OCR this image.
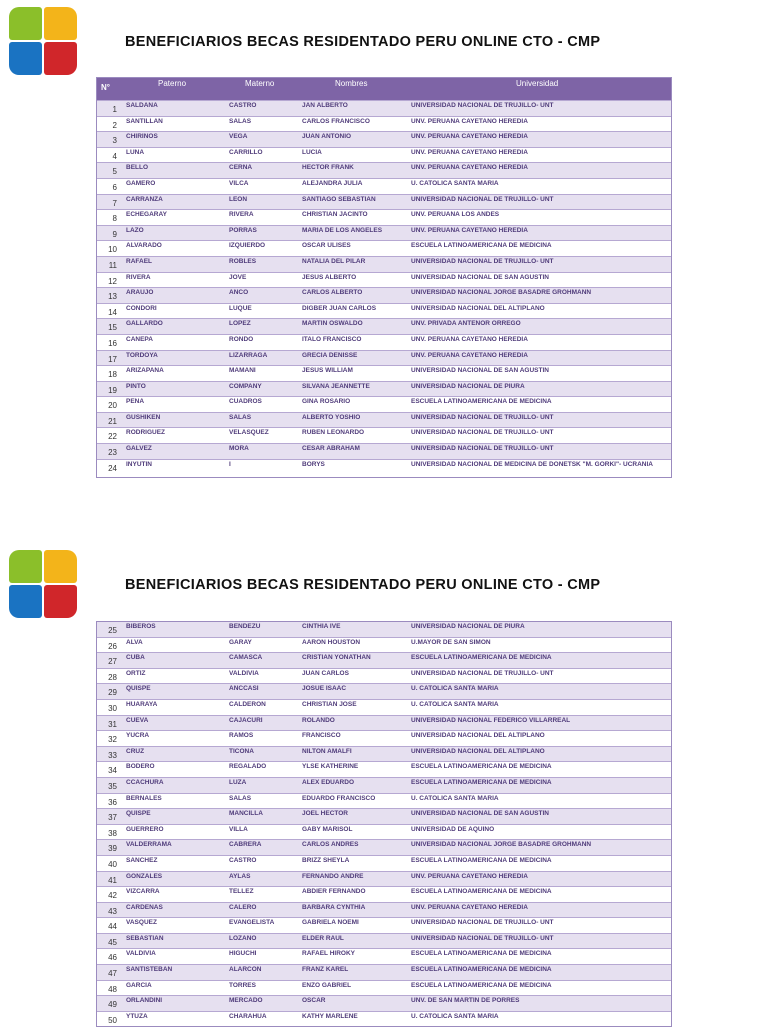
BENEFICIARIOS BECAS RESIDENTADO PERU ONLINE CTO - CMP
N°	Paterno	Materno	Nombres	Universidad
1 SALDANA	CASTRO	JAN ALBERTO	UNIVERSIDAD NACIONAL DE TRUJILLO- UNT
2 SANTILLAN	SALAS	CARLOS FRANCISCO	UNV. PERUANA CAYETANO HEREDIA
3 CHIRINOS	VEGA	JUAN ANTONIO	UNV. PERUANA CAYETANO HEREDIA
4 LUNA	CARRILLO	LUCIA	UNV. PERUANA CAYETANO HEREDIA
5 BELLO	CERNA	HECTOR FRANK	UNV. PERUANA CAYETANO HEREDIA
6 GAMERO	VILCA	ALEJANDRA JULIA	U. CATOLICA SANTA MARIA
7 CARRANZA	LEON	SANTIAGO SEBASTIAN	UNIVERSIDAD NACIONAL DE TRUJILLO- UNT
8 ECHEGARAY	RIVERA	CHRISTIAN JACINTO	UNV. PERUANA LOS ANDES
9 LAZO	PORRAS	MARIA DE LOS ANGELES	UNV. PERUANA CAYETANO HEREDIA
10 ALVARADO	IZQUIERDO	OSCAR ULISES	ESCUELA LATINOAMERICANA DE MEDICINA
11 RAFAEL	ROBLES	NATALIA DEL PILAR	UNIVERSIDAD NACIONAL DE TRUJILLO- UNT
12 RIVERA	JOVE	JESUS ALBERTO	UNIVERSIDAD NACIONAL DE SAN AGUSTIN
13 ARAUJO	ANCO	CARLOS ALBERTO	UNIVERSIDAD NACIONAL JORGE BASADRE GROHMANN
14 CONDORI	LUQUE	DIGBER JUAN CARLOS	UNIVERSIDAD NACIONAL DEL ALTIPLANO
15 GALLARDO	LOPEZ	MARTIN OSWALDO	UNV. PRIVADA ANTENOR ORREGO
16 CANEPA	RONDO	ITALO FRANCISCO	UNV. PERUANA CAYETANO HEREDIA
17 TORDOYA	LIZARRAGA	GRECIA DENISSE	UNV. PERUANA CAYETANO HEREDIA
18 ARIZAPANA	MAMANI	JESUS WILLIAM	UNIVERSIDAD NACIONAL DE SAN AGUSTIN
19 PINTO	COMPANY	SILVANA JEANNETTE	UNIVERSIDAD NACIONAL DE PIURA
20 PENA	CUADROS	GINA ROSARIO	ESCUELA LATINOAMERICANA DE MEDICINA
21 GUSHIKEN	SALAS	ALBERTO YOSHIO	UNIVERSIDAD NACIONAL DE TRUJILLO- UNT
22 RODRIGUEZ	VELASQUEZ	RUBEN LEONARDO	UNIVERSIDAD NACIONAL DE TRUJILLO- UNT
23 GALVEZ	MORA	CESAR ABRAHAM	UNIVERSIDAD NACIONAL DE TRUJILLO- UNT
24 INYUTIN	I	BORYS	UNIVERSIDAD NACIONAL DE MEDICINA DE DONETSK "M. GORKI"- UCRANIA
BENEFICIARIOS BECAS RESIDENTADO PERU ONLINE CTO - CMP
25 BIBEROS	BENDEZU	CINTHIA IVE	UNIVERSIDAD NACIONAL DE PIURA
26 ALVA	GARAY	AARON HOUSTON	U.MAYOR DE SAN SIMON
27 CUBA	CAMASCA	CRISTIAN YONATHAN	ESCUELA LATINOAMERICANA DE MEDICINA
28 ORTIZ	VALDIVIA	JUAN CARLOS	UNIVERSIDAD NACIONAL DE TRUJILLO- UNT
29 QUISPE	ANCCASI	JOSUE ISAAC	U. CATOLICA SANTA MARIA
30 HUARAYA	CALDERON	CHRISTIAN JOSE	U. CATOLICA SANTA MARIA
31 CUEVA	CAJACURI	ROLANDO	UNIVERSIDAD NACIONAL FEDERICO VILLARREAL
32 YUCRA	RAMOS	FRANCISCO	UNIVERSIDAD NACIONAL DEL ALTIPLANO
33 CRUZ	TICONA	NILTON AMALFI	UNIVERSIDAD NACIONAL DEL ALTIPLANO
34 BODERO	REGALADO	YLSE KATHERINE	ESCUELA LATINOAMERICANA DE MEDICINA
35 CCACHURA	LUZA	ALEX EDUARDO	ESCUELA LATINOAMERICANA DE MEDICINA
36 BERNALES	SALAS	EDUARDO FRANCISCO	U. CATOLICA SANTA MARIA
37 QUISPE	MANCILLA	JOEL HECTOR	UNIVERSIDAD NACIONAL DE SAN AGUSTIN
38 GUERRERO	VILLA	GABY MARISOL	UNIVERSIDAD DE AQUINO
39 VALDERRAMA	CABRERA	CARLOS ANDRES	UNIVERSIDAD NACIONAL JORGE BASADRE GROHMANN
40 SANCHEZ	CASTRO	BRIZZ SHEYLA	ESCUELA LATINOAMERICANA DE MEDICINA
41 GONZALES	AYLAS	FERNANDO ANDRE	UNV. PERUANA CAYETANO HEREDIA
42 VIZCARRA	TELLEZ	ABDIER FERNANDO	ESCUELA LATINOAMERICANA DE MEDICINA
43 CARDENAS	CALERO	BARBARA CYNTHIA	UNV. PERUANA CAYETANO HEREDIA
44 VASQUEZ	EVANGELISTA	GABRIELA NOEMI	UNIVERSIDAD NACIONAL DE TRUJILLO- UNT
45 SEBASTIAN	LOZANO	ELDER RAUL	UNIVERSIDAD NACIONAL DE TRUJILLO- UNT
46 VALDIVIA	HIGUCHI	RAFAEL HIROKY	ESCUELA LATINOAMERICANA DE MEDICINA
47 SANTISTEBAN	ALARCON	FRANZ KAREL	ESCUELA LATINOAMERICANA DE MEDICINA
48 GARCIA	TORRES	ENZO GABRIEL	ESCUELA LATINOAMERICANA DE MEDICINA
49 ORLANDINI	MERCADO	OSCAR	UNV. DE SAN MARTIN DE PORRES
50 YTUZA	CHARAHUA	KATHY MARLENE	U. CATOLICA SANTA MARIA
